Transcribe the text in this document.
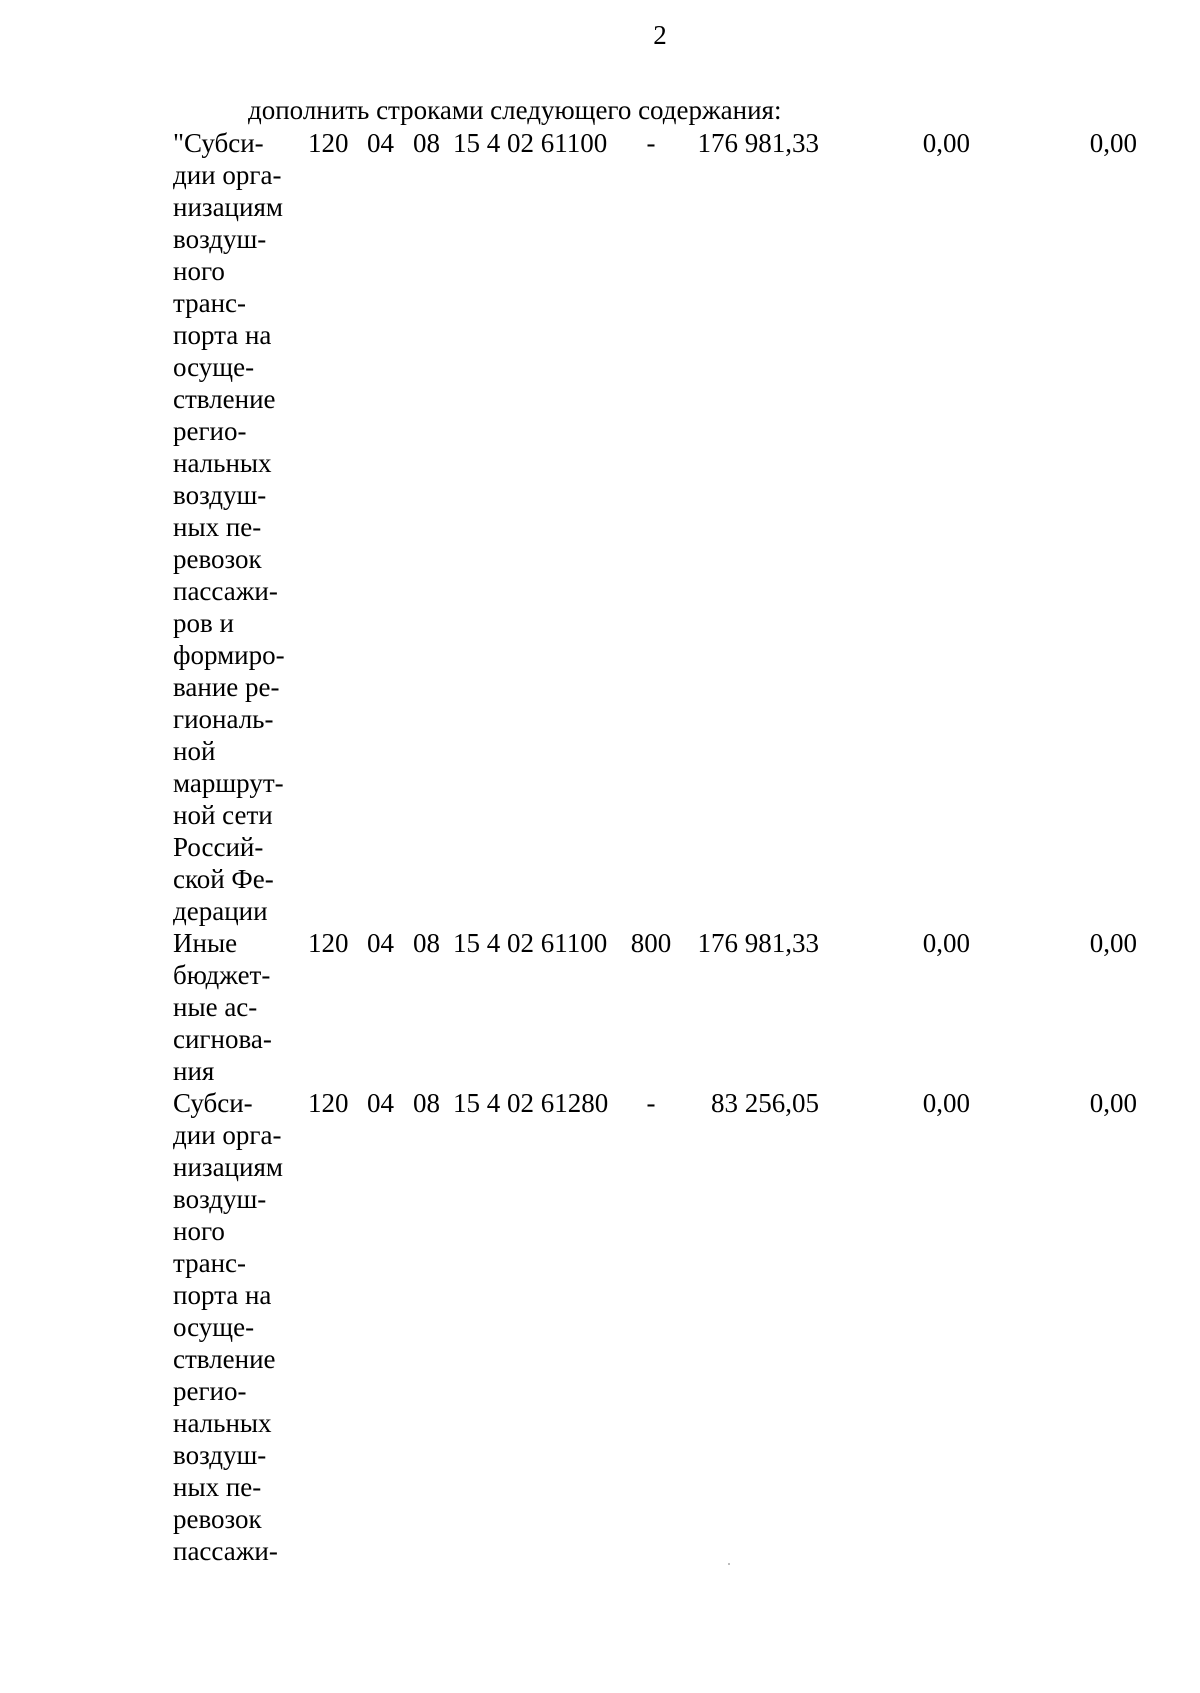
2
дополнить строками следующего содержания:
"Субси-
дии орга-
низациям
воздуш-
ного
транс-
порта на
осуще-
ствление
регио-
нальных
воздуш-
ных пе-
ревозок
пассажи-
ров и
формиро-
вание ре-
гиональ-
ной
маршрут-
ной сети
Россий-
ской Фе-
дерации
120 04 08 15 4 02 61100	-	176 981,33	0,00	0,00
Иные
бюджет-
ные ас-
сигнова-
ния
120 04 08 15 4 02 61100 800 176 981,33	0,00	0,00
Субси-
дии орга-
низациям
воздуш-
ного
транс-
порта на
осуще-
ствление
регио-
нальных
воздуш-
ных пе-
ревозок
пассажи-
120 04 08 15 4 02 61280	-	83 256,05	0,00	0,00
